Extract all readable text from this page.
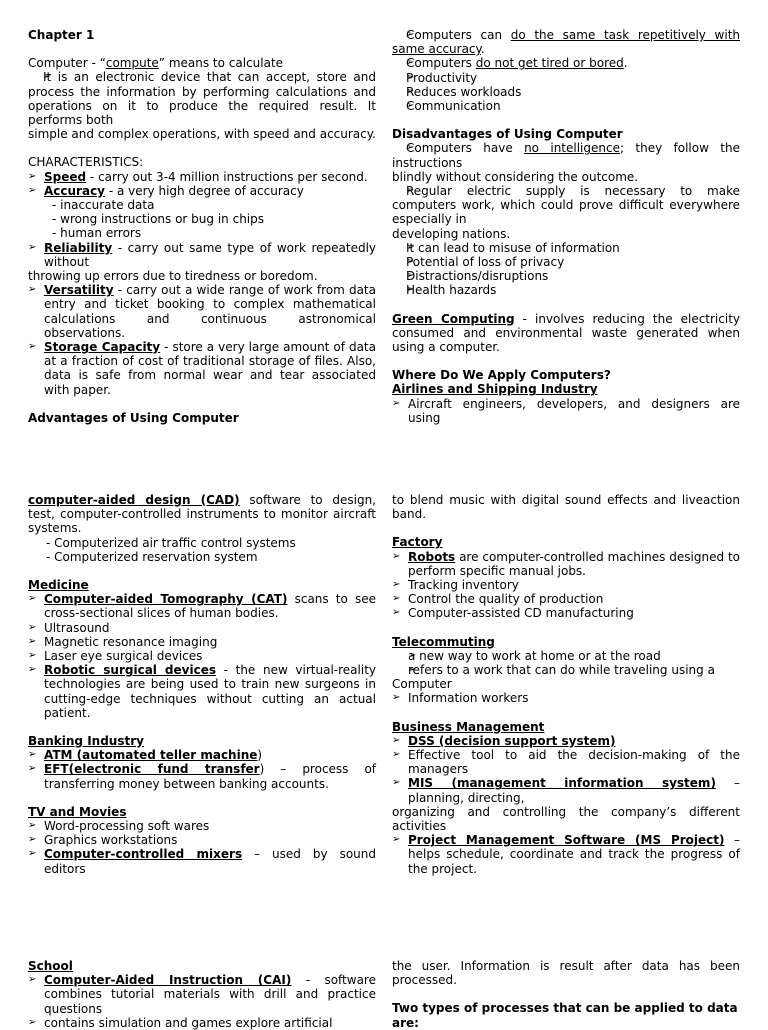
Chapter 1

Computer - “compute” means to calculate

➢ It is an electronic device that can accept, store and process the information by performing calculations and operations on it to produce the required result. It performs both

simple and complex operations, with speed and accuracy.

CHARACTERISTICS:

➢ Speed - carry out 3-4 million instructions per second.

➢ Accuracy - a very high degree of accuracy

- inaccurate data

- wrong instructions or bug in chips

- human errors

➢ Reliability - carry out same type of work repeatedly without

throwing up errors due to tiredness or boredom.

➢ Versatility - carry out a wide range of work from data entry and ticket booking to complex mathematical calculations and continuous astronomical observations.

➢ Storage Capacity - store a very large amount of data at a fraction of cost of traditional storage of files. Also, data is safe from normal wear and tear associated with paper.

Advantages of Using Computer

➢ Computers can do the same task repetitively with same accuracy.

➢ Computers do not get tired or bored.

➢ Productivity

➢ Reduces workloads

➢ Communication

Disadvantages of Using Computer

➢ Computers have no intelligence; they follow the instructions

blindly without considering the outcome.

➢ Regular electric supply is necessary to make computers work, which could prove difficult everywhere especially in

developing nations.

➢ It can lead to misuse of information

➢ Potential of loss of privacy

➢ Distractions/disruptions

➢ Health hazards

Green Computing - involves reducing the electricity consumed and environmental waste generated when using a computer.

Where Do We Apply Computers?

Airlines and Shipping Industry

➢ Aircraft engineers, developers, and designers are using

computer-aided design (CAD) software to design, test, computer-controlled instruments to monitor aircraft systems.

- Computerized air traffic control systems

- Computerized reservation system

Medicine

➢ Computer-aided Tomography (CAT) scans to see cross-sectional slices of human bodies.

➢ Ultrasound

➢ Magnetic resonance imaging

➢ Laser eye surgical devices

➢ Robotic surgical devices - the new virtual-reality technologies are being used to train new surgeons in cutting-edge techniques without cutting an actual patient.

Banking Industry

➢ ATM (automated teller machine)

➢ EFT(electronic fund transfer) – process of transferring money between banking accounts.

TV and Movies

➢ Word-processing soft wares

➢ Graphics workstations

➢ Computer-controlled mixers – used by sound editors

to blend music with digital sound effects and liveaction band.

Factory

➢ Robots are computer-controlled machines designed to perform specific manual jobs.

➢ Tracking inventory

➢ Control the quality of production

➢ Computer-assisted CD manufacturing

Telecommuting

➢ a new way to work at home or at the road

➢ refers to a work that can do while traveling using a

Computer

➢ Information workers

Business Management

➢ DSS (decision support system)

➢ Effective tool to aid the decision-making of the managers

➢ MIS (management information system) – planning, directing,

organizing and controlling the company’s different activities

➢ Project Management Software (MS Project) – helps schedule, coordinate and track the progress of the project.

School

➢ Computer-Aided Instruction (CAI) - software combines tutorial materials with drill and practice questions

➢ contains simulation and games explore artificial

the user. Information is result after data has been processed.

Two types of processes that can be applied to data are:
